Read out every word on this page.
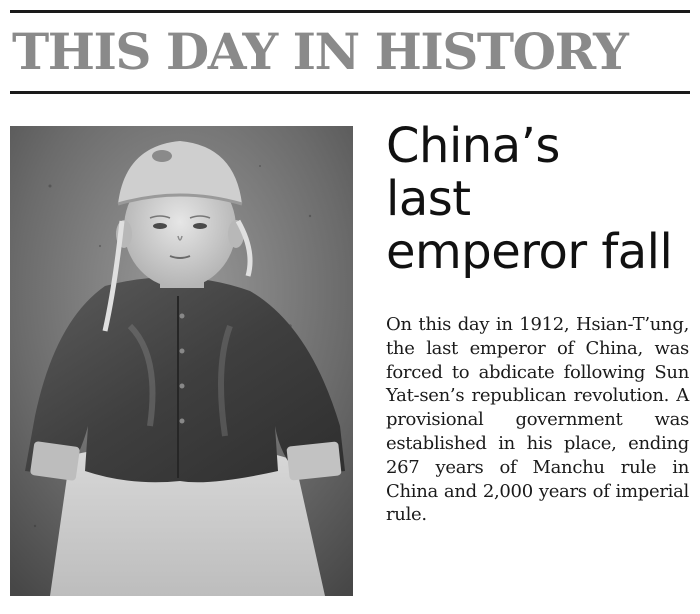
THIS DAY IN HISTORY
China’s
last
emperor fall

On this day in 1912, Hsian-T’ung, the last emperor of China, was forced to abdicate following Sun Yat-sen’s republican revolution. A provisional government was established in his place, ending 267 years of Manchu rule in China and 2,000 years of imperial rule.
